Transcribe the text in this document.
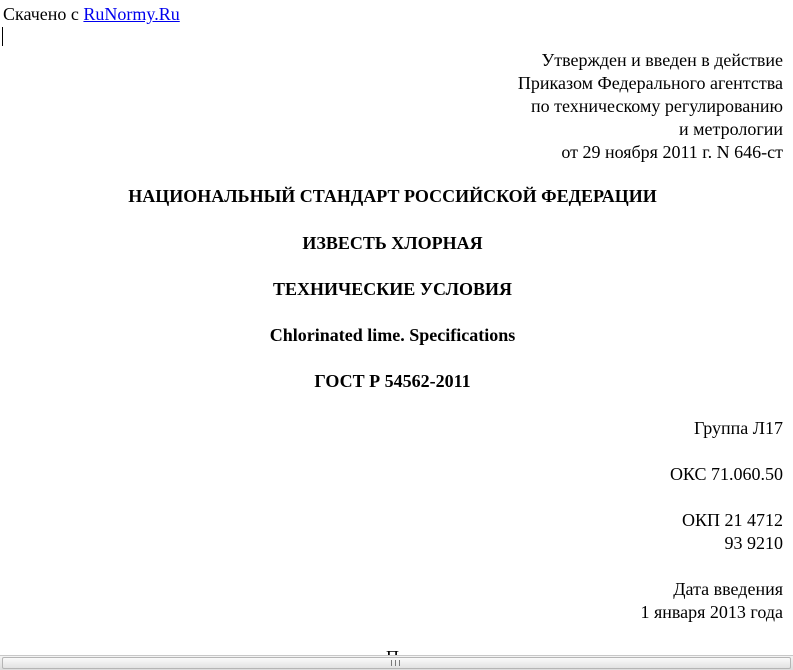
Скачено с RuNormy.Ru
Утвержден и введен в действие
Приказом Федерального агентства
по техническому регулированию
и метрологии
от 29 ноября 2011 г. N 646-ст
НАЦИОНАЛЬНЫЙ СТАНДАРТ РОССИЙСКОЙ ФЕДЕРАЦИИ
ИЗВЕСТЬ ХЛОРНАЯ
ТЕХНИЧЕСКИЕ УСЛОВИЯ
Chlorinated lime. Specifications
ГОСТ Р 54562-2011
Группа Л17
ОКС 71.060.50
ОКП 21 4712
93 9210
Дата введения
1 января 2013 года
